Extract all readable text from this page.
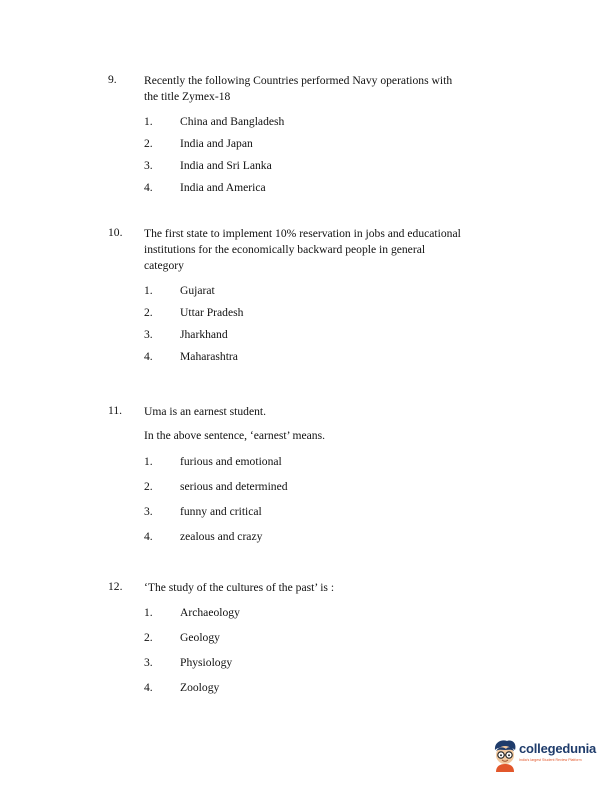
9. Recently the following Countries performed Navy operations with
the title Zymex-18
1. China and Bangladesh
2. India and Japan
3. India and Sri Lanka
4. India and America
10. The first state to implement 10% reservation in jobs and educational
institutions for the economically backward people in general
category
1. Gujarat
2. Uttar Pradesh
3. Jharkhand
4. Maharashtra
11. Uma is an earnest student.
In the above sentence, ‘earnest’ means.
1. furious and emotional
2. serious and determined
3. funny and critical
4. zealous and crazy
12. ‘The study of the cultures of the past’ is :
1. Archaeology
2. Geology
3. Physiology
4. Zoology
collegedunia
India's largest Student Review Platform
